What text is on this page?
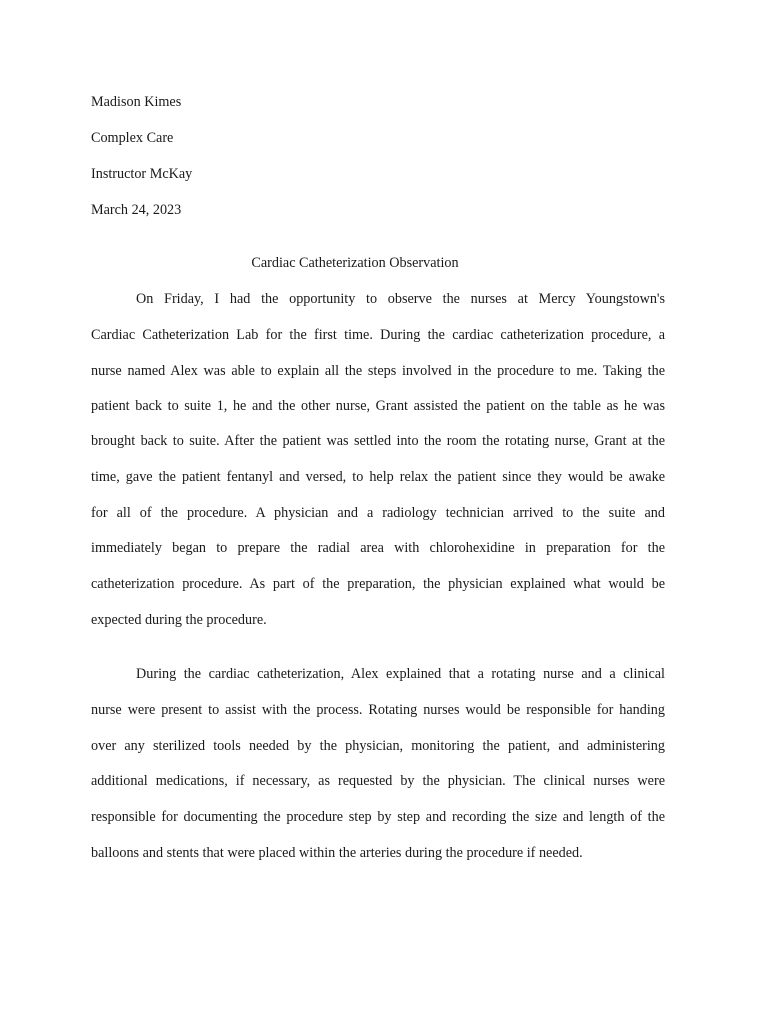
Madison Kimes

Complex Care

Instructor McKay

March 24, 2023

Cardiac Catheterization Observation

On Friday, I had the opportunity to observe the nurses at Mercy Youngstown's

Cardiac Catheterization Lab for the first time. During the cardiac catheterization procedure, a

nurse named Alex was able to explain all the steps involved in the procedure to me. Taking the

patient back to suite 1, he and the other nurse, Grant assisted the patient on the table as he was

brought back to suite. After the patient was settled into the room the rotating nurse, Grant at the

time, gave the patient fentanyl and versed, to help relax the patient since they would be awake

for all of the procedure. A physician and a radiology technician arrived to the suite and

immediately began to prepare the radial area with chlorohexidine in preparation for the

catheterization procedure. As part of the preparation, the physician explained what would be

expected during the procedure.

During the cardiac catheterization, Alex explained that a rotating nurse and a clinical

nurse were present to assist with the process. Rotating nurses would be responsible for handing

over any sterilized tools needed by the physician, monitoring the patient, and administering

additional medications, if necessary, as requested by the physician. The clinical nurses were

responsible for documenting the procedure step by step and recording the size and length of the

balloons and stents that were placed within the arteries during the procedure if needed.
